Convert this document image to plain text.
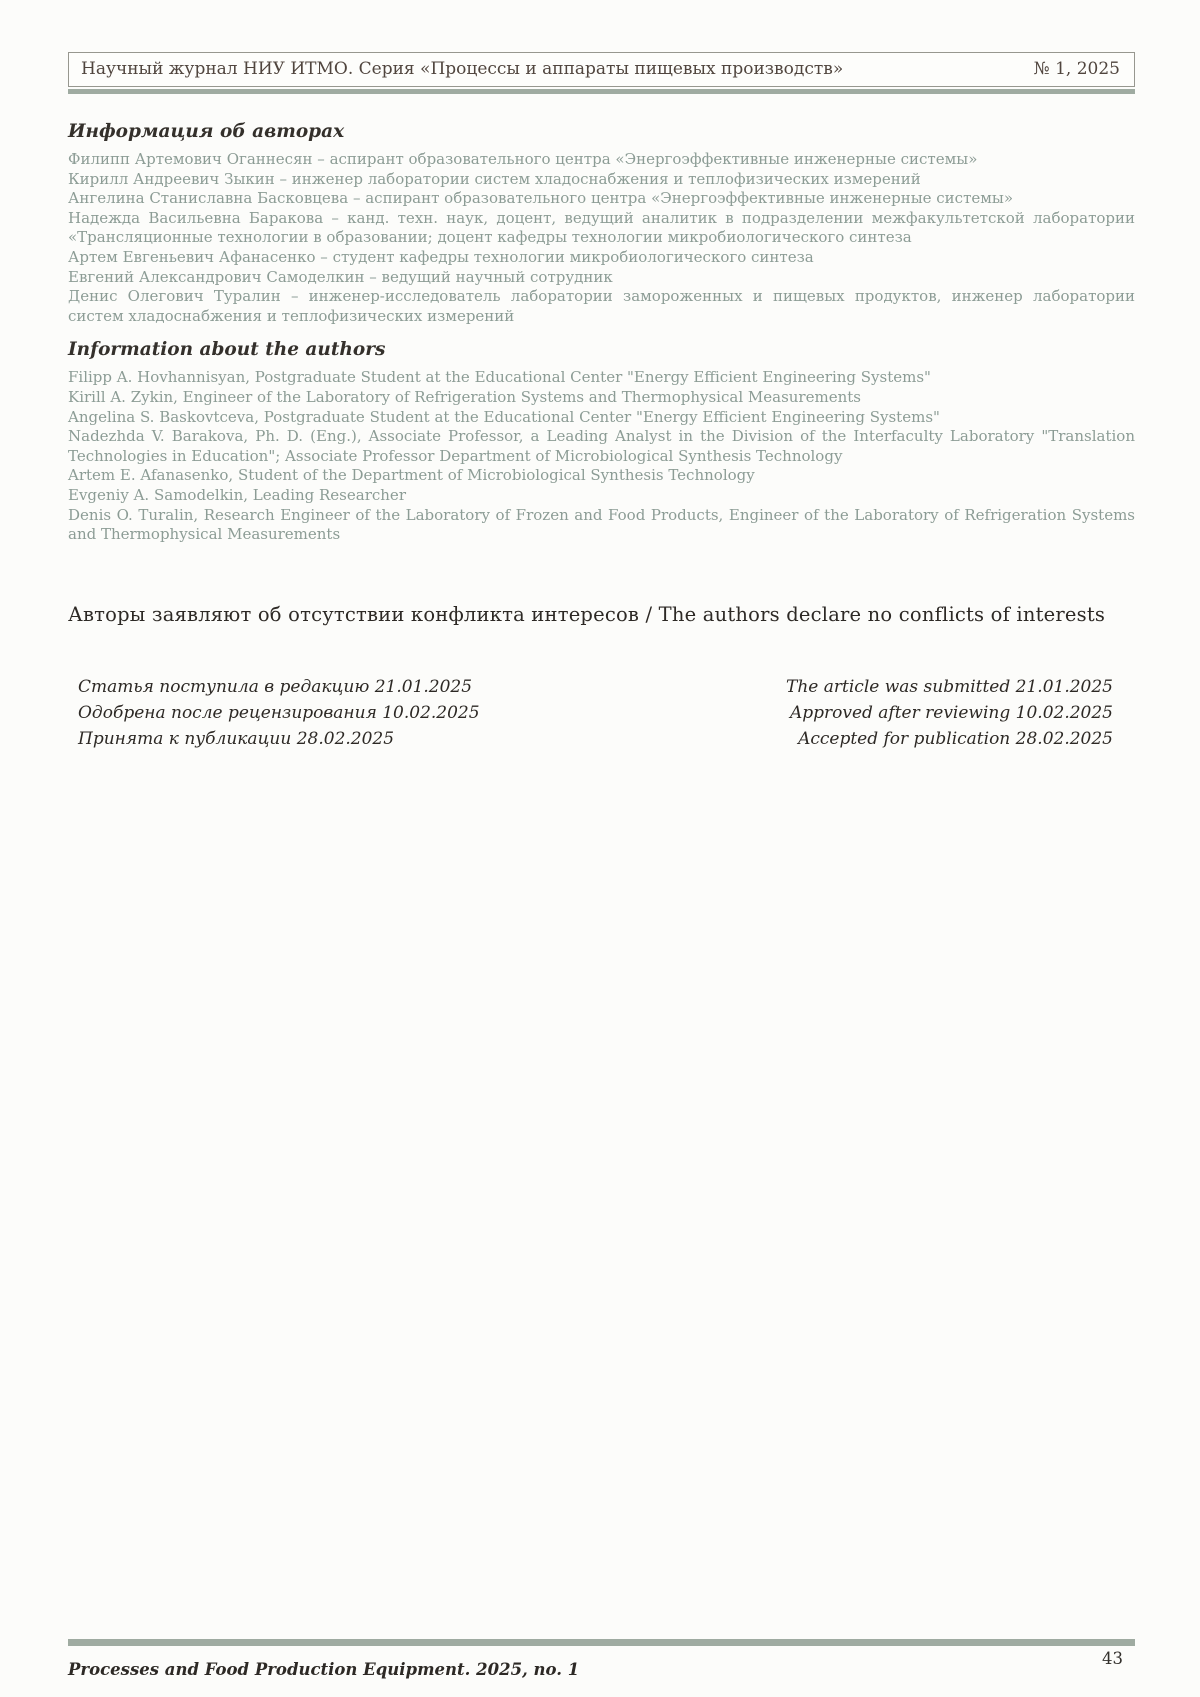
Научный журнал НИУ ИТМО. Серия «Процессы и аппараты пищевых производств»	№ 1, 2025
Информация об авторах

Филипп Артемович Оганнесян – аспирант образовательного центра «Энергоэффективные инженерные системы»

Кирилл Андреевич Зыкин – инженер лаборатории систем хладоснабжения и теплофизических измерений

Ангелина Станиславна Басковцева – аспирант образовательного центра «Энергоэффективные инженерные системы»

Надежда Васильевна Баракова – канд. техн. наук, доцент, ведущий аналитик в подразделении межфакультетской лаборатории «Трансляционные технологии в образовании; доцент кафедры технологии микробиологического синтеза

Артем Евгеньевич Афанасенко – студент кафедры технологии микробиологического синтеза

Евгений Александрович Самоделкин – ведущий научный сотрудник

Денис Олегович Туралин – инженер-исследователь лаборатории замороженных и пищевых продуктов, инженер лаборатории систем хладоснабжения и теплофизических измерений

Information about the authors

Filipp A. Hovhannisyan, Postgraduate Student at the Educational Center "Energy Efficient Engineering Systems"

Kirill A. Zykin, Engineer of the Laboratory of Refrigeration Systems and Thermophysical Measurements

Angelina S. Baskovtceva, Postgraduate Student at the Educational Center "Energy Efficient Engineering Systems"

Nadezhda V. Barakova, Ph. D. (Eng.), Associate Professor, a Leading Analyst in the Division of the Interfaculty Laboratory "Translation Technologies in Education"; Associate Professor Department of Microbiological Synthesis Technology

Artem E. Afanasenko, Student of the Department of Microbiological Synthesis Technology

Evgeniy A. Samodelkin, Leading Researcher

Denis O. Turalin, Research Engineer of the Laboratory of Frozen and Food Products, Engineer of the Laboratory of Refrigeration Systems and Thermophysical Measurements

Авторы заявляют об отсутствии конфликта интересов / The authors declare no conflicts of interests

Статья поступила в редакцию 21.01.2025

Одобрена после рецензирования 10.02.2025

Принята к публикации 28.02.2025

The article was submitted 21.01.2025

Approved after reviewing 10.02.2025

Accepted for publication 28.02.2025

Processes and Food Production Equipment. 2025, no. 1
43
